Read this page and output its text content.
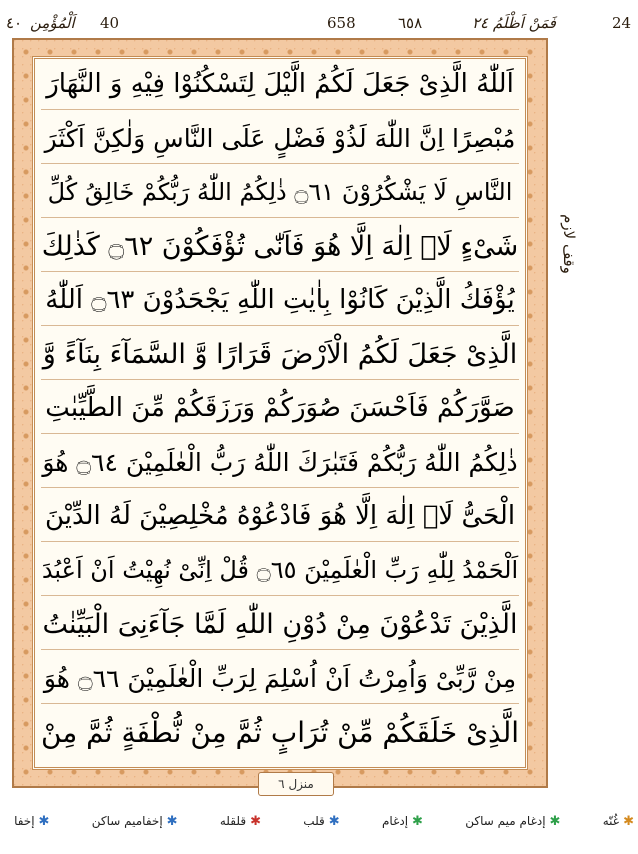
24
فَمَنْ اَظْلَمُ ٢٤
٦٥٨
658
40
اَلْمُؤْمِن
٤٠
اَللّٰهُ الَّذِیْ جَعَلَ لَكُمُ الَّیْلَ لِتَسْكُنُوْا فِیْهِ وَ النَّهَارَ
مُبْصِرًا اِنَّ اللّٰهَ لَذُوْ فَضْلٍ عَلَى النَّاسِ وَلٰكِنَّ اَكْثَرَ
النَّاسِ لَا یَشْكُرُوْنَ ۝٦١ ذٰلِكُمُ اللّٰهُ رَبُّكُمْ خَالِقُ كُلِّ
شَیْءٍ لَاۤ اِلٰهَ اِلَّا هُوَ فَاَنّٰى تُؤْفَكُوْنَ ۝٦٢ كَذٰلِكَ
یُؤْفَكُ الَّذِیْنَ كَانُوْا بِاٰیٰتِ اللّٰهِ یَجْحَدُوْنَ ۝٦٣ اَللّٰهُ
الَّذِیْ جَعَلَ لَكُمُ الْاَرْضَ قَرَارًا وَّ السَّمَآءَ بِنَآءً وَّ
صَوَّرَكُمْ فَاَحْسَنَ صُوَرَكُمْ وَرَزَقَكُمْ مِّنَ الطَّیِّبٰتِ
ذٰلِكُمُ اللّٰهُ رَبُّكُمْ فَتَبٰرَكَ اللّٰهُ رَبُّ الْعٰلَمِیْنَ ۝٦٤ هُوَ
الْحَیُّ لَاۤ اِلٰهَ اِلَّا هُوَ فَادْعُوْهُ مُخْلِصِیْنَ لَهُ الدِّیْنَ
اَلْحَمْدُ لِلّٰهِ رَبِّ الْعٰلَمِیْنَ ۝٦٥ قُلْ اِنِّیْ نُهِیْتُ اَنْ اَعْبُدَ
الَّذِیْنَ تَدْعُوْنَ مِنْ دُوْنِ اللّٰهِ لَمَّا جَآءَنِیَ الْبَیِّنٰتُ
مِنْ رَّبِّیْ وَاُمِرْتُ اَنْ اُسْلِمَ لِرَبِّ الْعٰلَمِیْنَ ۝٦٦ هُوَ
الَّذِیْ خَلَقَكُمْ مِّنْ تُرَابٍ ثُمَّ مِنْ نُّطْفَةٍ ثُمَّ مِنْ
منزل ٦
وقف لازم
✱
إخفا	✱
إخفاميم ساكن	✱
قلقله	✱
قلب	✱
إدغام	✱
إدغام ميم ساكن	✱
غُنّه
